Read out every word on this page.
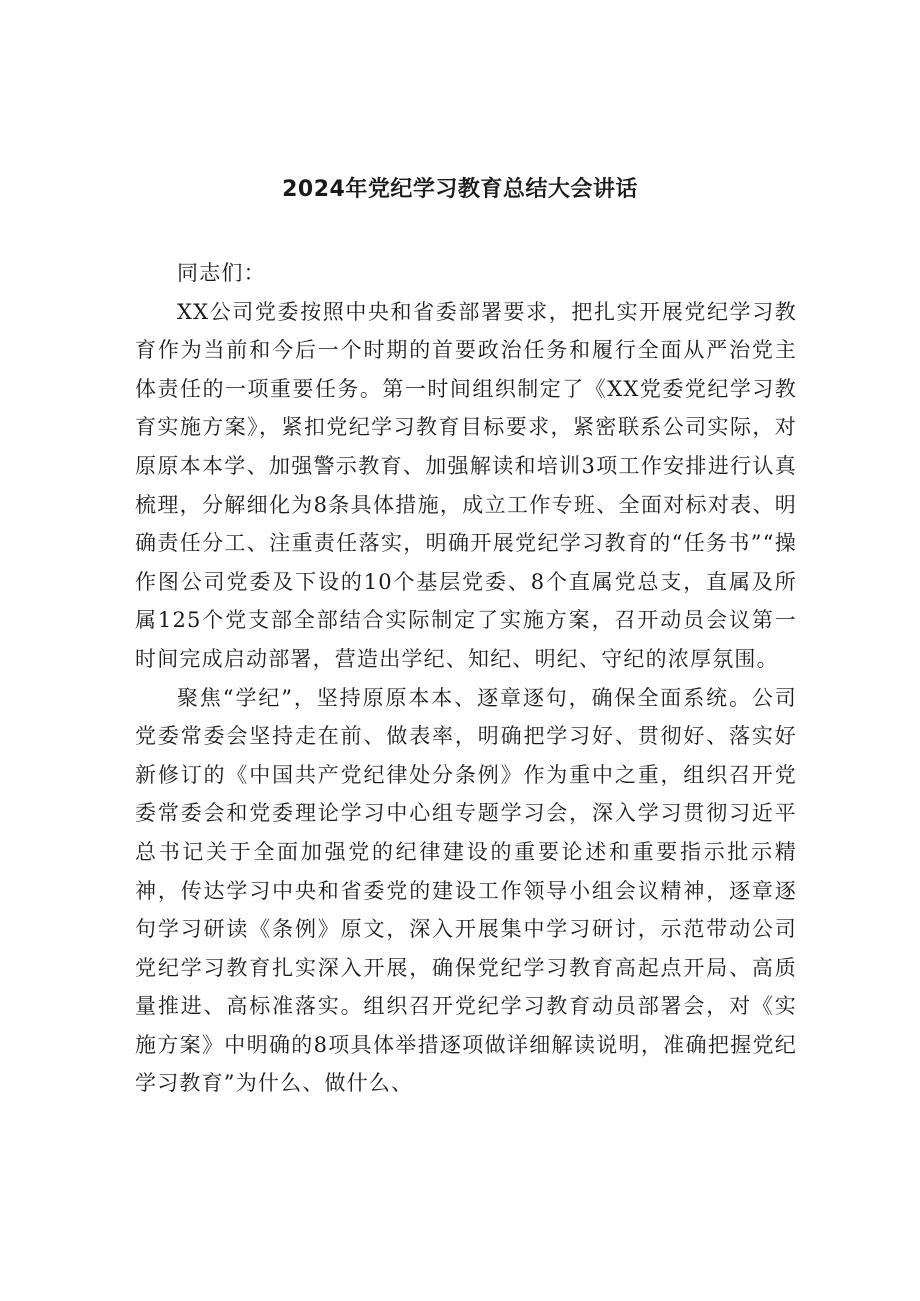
2024年党纪学习教育总结大会讲话

同志们：

XX公司党委按照中央和省委部署要求，把扎实开展党纪学习教育作为当前和今后一个时期的首要政治任务和履行全面从严治党主体责任的一项重要任务。第一时间组织制定了《XX党委党纪学习教育实施方案》，紧扣党纪学习教育目标要求，紧密联系公司实际，对原原本本学、加强警示教育、加强解读和培训3项工作安排进行认真梳理，分解细化为8条具体措施，成立工作专班、全面对标对表、明确责任分工、注重责任落实，明确开展党纪学习教育的“任务书”“操作图公司党委及下设的10个基层党委、8个直属党总支，直属及所属125个党支部全部结合实际制定了实施方案，召开动员会议第一时间完成启动部署，营造出学纪、知纪、明纪、守纪的浓厚氛围。

聚焦“学纪”，坚持原原本本、逐章逐句，确保全面系统。公司党委常委会坚持走在前、做表率，明确把学习好、贯彻好、落实好新修订的《中国共产党纪律处分条例》作为重中之重，组织召开党委常委会和党委理论学习中心组专题学习会，深入学习贯彻习近平总书记关于全面加强党的纪律建设的重要论述和重要指示批示精神，传达学习中央和省委党的建设工作领导小组会议精神，逐章逐句学习研读《条例》原文，深入开展集中学习研讨，示范带动公司党纪学习教育扎实深入开展，确保党纪学习教育高起点开局、高质量推进、高标准落实。组织召开党纪学习教育动员部署会，对《实施方案》中明确的8项具体举措逐项做详细解读说明，准确把握党纪学习教育”为什么、做什么、
